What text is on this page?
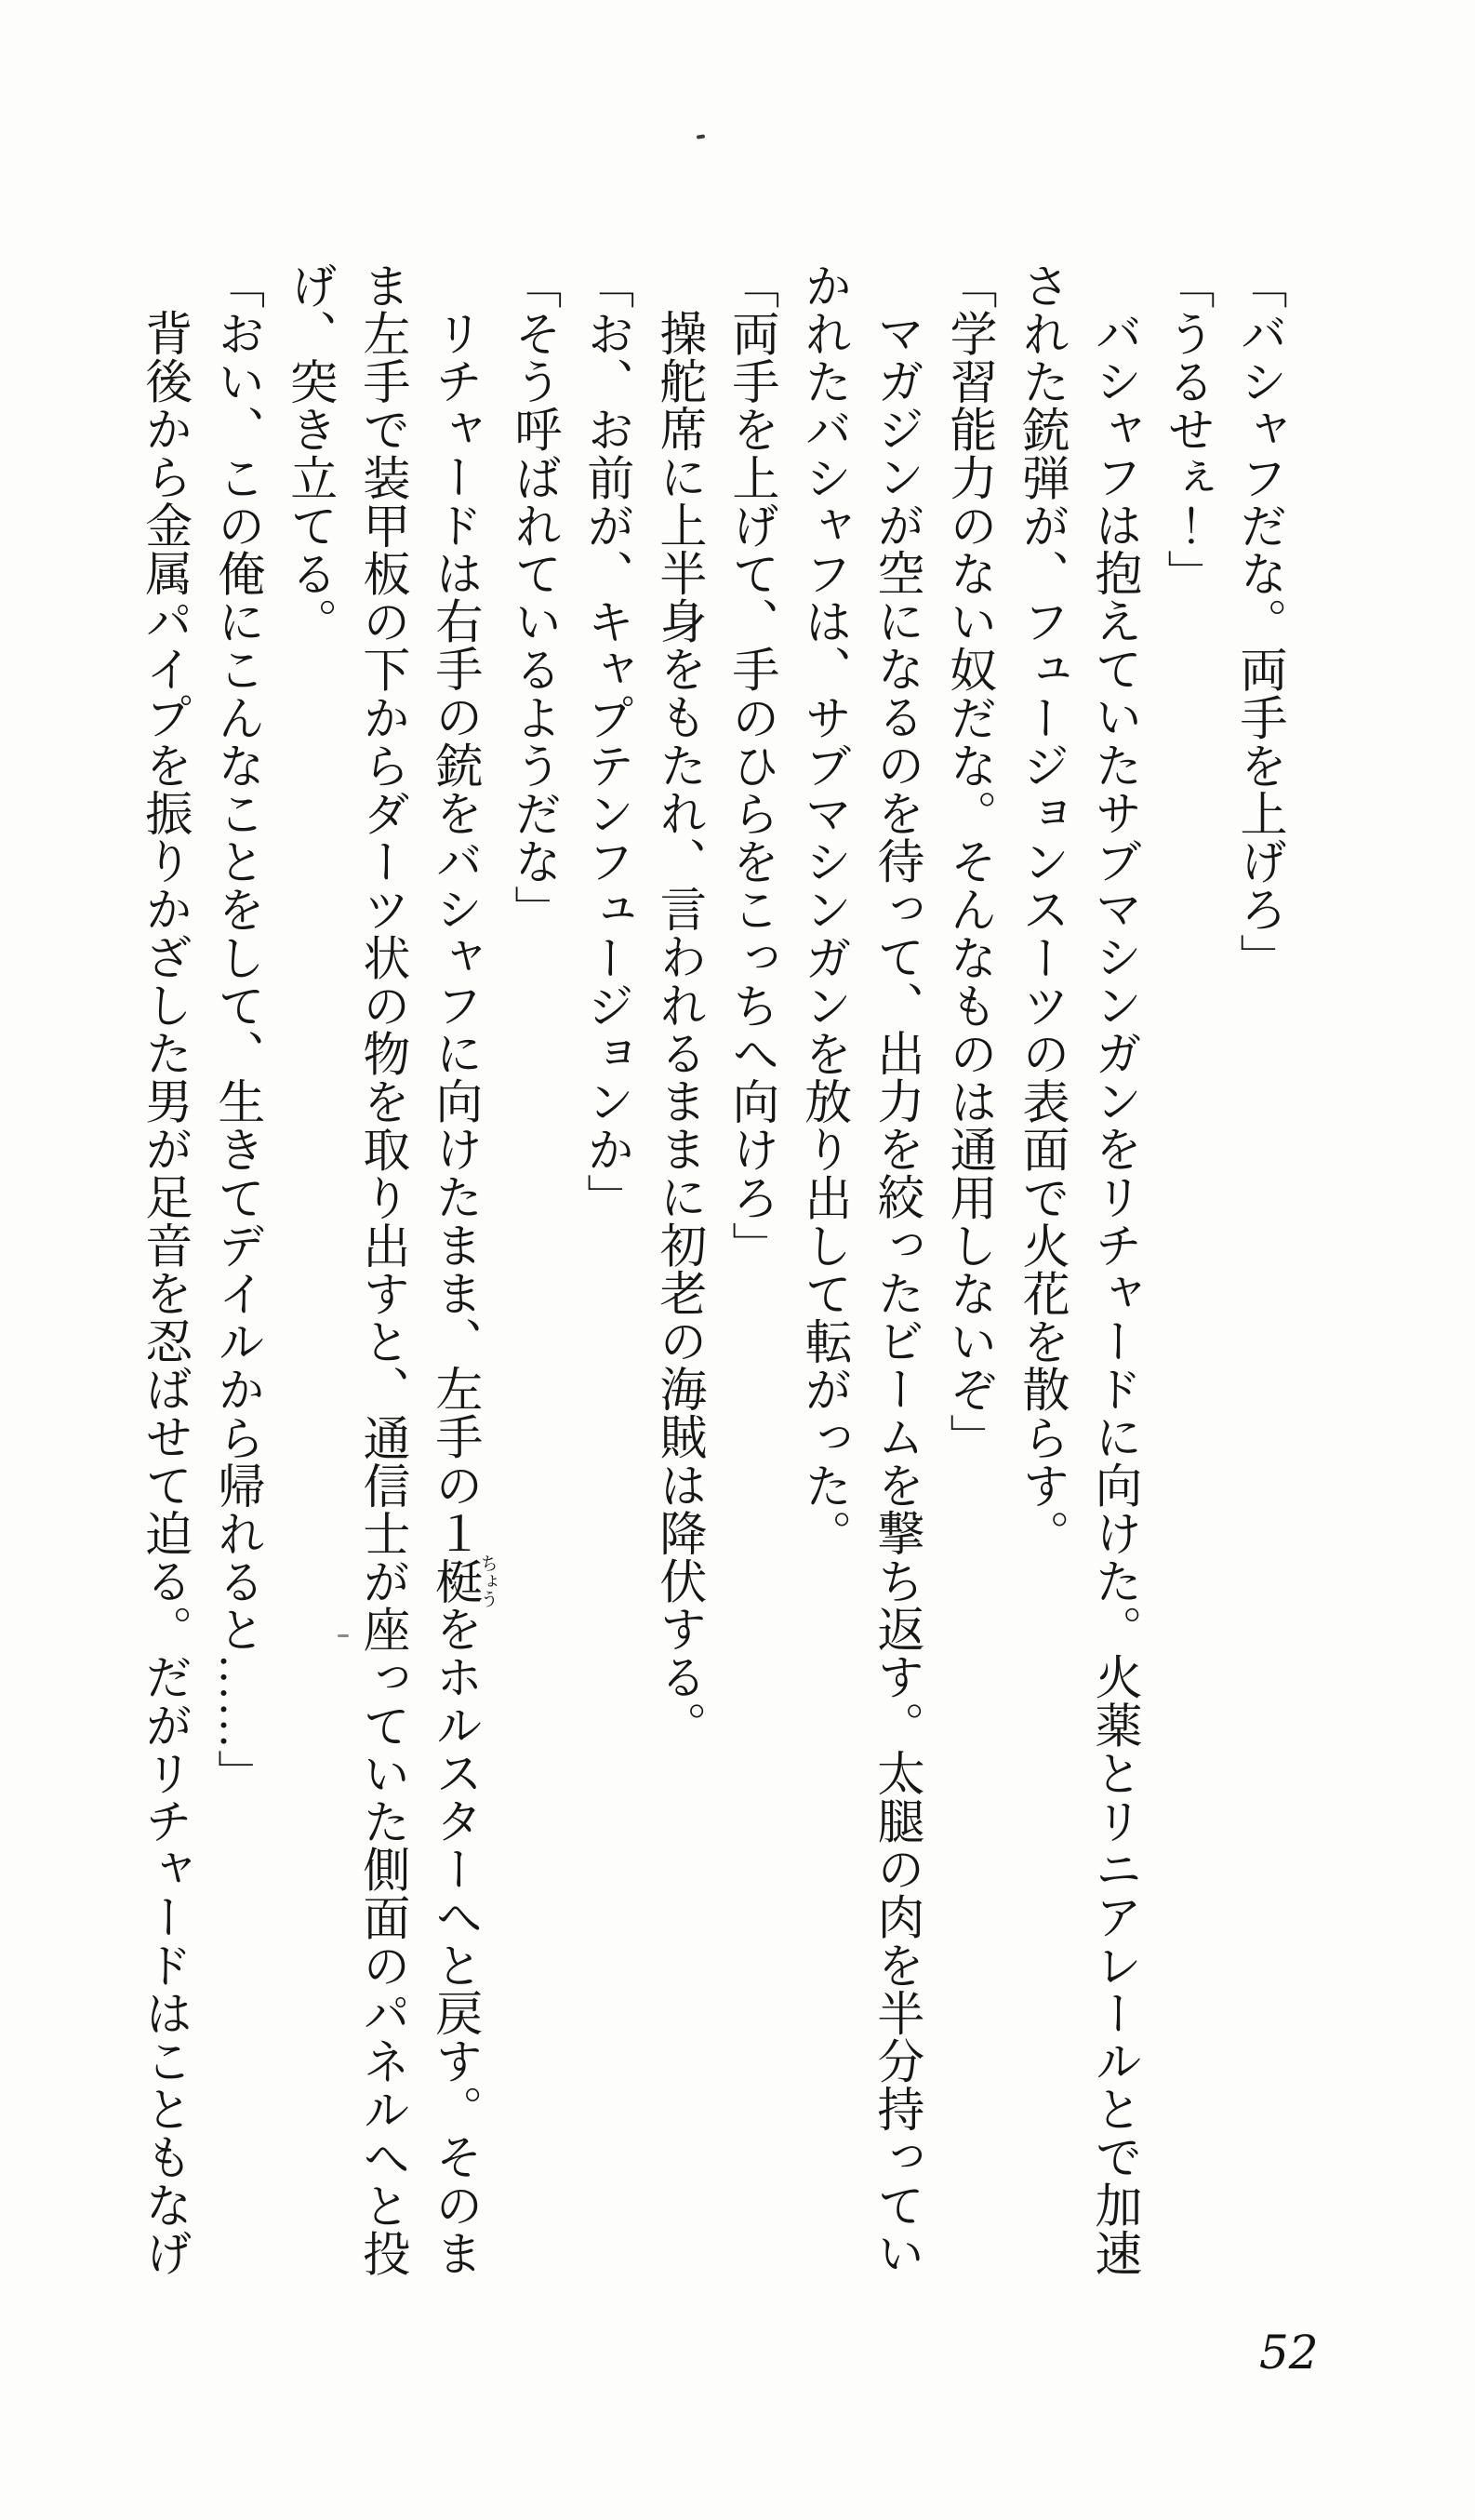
「バシャフだな。両手を上げろ」
「うるせぇ！」
バシャフは抱えていたサブマシンガンをリチャードに向けた。火薬とリニアレールとで加速
された銃弾が、フュージョンスーツの表面で火花を散らす。
「学習能力のない奴だな。そんなものは通用しないぞ」
マガジンが空になるのを待って、出力を絞ったビームを撃ち返す。太腿の肉を半分持ってい
かれたバシャフは、サブマシンガンを放り出して転がった。
「両手を上げて、手のひらをこっちへ向けろ」
操舵席に上半身をもたれ、言われるままに初老の海賊は降伏する。
「お、お前が、キャプテンフュージョンか」
「そう呼ばれているようだな」
リチャードは右手の銃をバシャフに向けたまま、左手の１梃ちょうをホルスターへと戻す。そのま
ま左手で装甲板の下からダーツ状の物を取り出すと、通信士が座っていた側面のパネルへと投
げ、突き立てる。
「おい、この俺にこんなことをして、生きてデイルから帰れると……」
背後から金属パイプを振りかざした男が足音を忍ばせて迫る。だがリチャードはこともなげ
52
